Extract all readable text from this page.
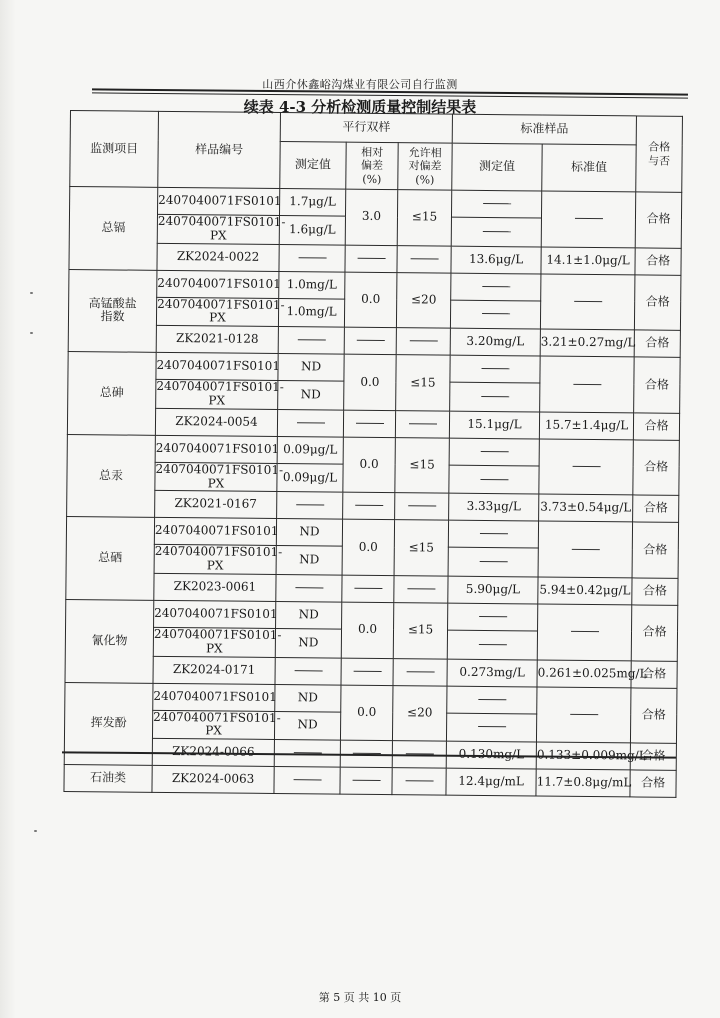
山西介休鑫峪沟煤业有限公司自行监测
续表 4-3 分析检测质量控制结果表
监测项目	样品编号	平行双样			标准样品		合格与否
		测定值	相对偏差(%)	允许相对偏差(%)	测定值	标准值	
总镉	2407040071FS0101	1.7μg/L	3.0	≤15			合格
	2407040071FS0101-PX	1.6μg/L					
	ZK2024-0022				13.6μg/L	14.1±1.0μg/L	合格
高锰酸盐指数	2407040071FS0101	1.0mg/L	0.0	≤20			合格
	2407040071FS0101-PX	1.0mg/L					
	ZK2021-0128				3.20mg/L	3.21±0.27mg/L	合格
总砷	2407040071FS0101	ND	0.0	≤15			合格
	2407040071FS0101-PX	ND					
	ZK2024-0054				15.1μg/L	15.7±1.4μg/L	合格
总汞	2407040071FS0101	0.09μg/L	0.0	≤15			合格
	2407040071FS0101-PX	0.09μg/L					
	ZK2021-0167				3.33μg/L	3.73±0.54μg/L	合格
总硒	2407040071FS0101	ND	0.0	≤15			合格
	2407040071FS0101-PX	ND					
	ZK2023-0061				5.90μg/L	5.94±0.42μg/L	合格
氰化物	2407040071FS0101	ND	0.0	≤15			合格
	2407040071FS0101-PX	ND					
	ZK2024-0171				0.273mg/L	0.261±0.025mg/L	合格
挥发酚	2407040071FS0101	ND	0.0	≤20			合格
	2407040071FS0101-PX	ND					
	ZK2024-0066				0.130mg/L	0.133±0.009mg/L	合格
石油类	ZK2024-0063				12.4μg/mL	11.7±0.8μg/mL	合格
第 5 页 共 10 页
